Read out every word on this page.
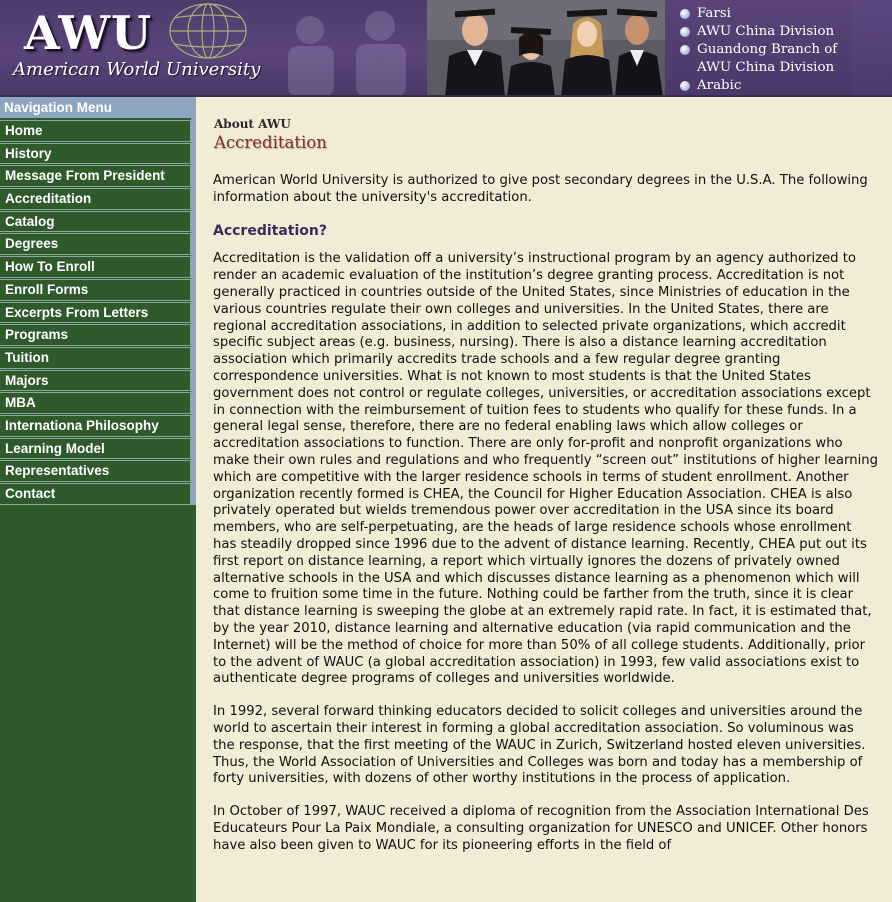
AWU
American World University
Farsi
AWU China Division
Guandong Branch of
AWU China Division
Arabic
Navigation Menu
Home
History
Message From President
Accreditation
Catalog
Degrees
How To Enroll
Enroll Forms
Excerpts From Letters
Programs
Tuition
Majors
MBA
Internationa Philosophy
Learning Model
Representatives
Contact
About AWU
Accreditation

American World University is authorized to give post secondary degrees in the U.S.A. The following information about the university's accreditation.

Accreditation?

Accreditation is the validation off a university’s instructional program by an agency authorized to render an academic evaluation of the institution’s degree granting process. Accreditation is not generally practiced in countries outside of the United States, since Ministries of education in the various countries regulate their own colleges and universities. In the United States, there are regional accreditation associations, in addition to selected private organizations, which accredit specific subject areas (e.g. business, nursing). There is also a distance learning accreditation association which primarily accredits trade schools and a few regular degree granting correspondence universities. What is not known to most students is that the United States government does not control or regulate colleges, universities, or accreditation associations except in connection with the reimbursement of tuition fees to students who qualify for these funds. In a general legal sense, therefore, there are no federal enabling laws which allow colleges or accreditation associations to function. There are only for-profit and nonprofit organizations who make their own rules and regulations and who frequently “screen out” institutions of higher learning which are competitive with the larger residence schools in terms of student enrollment. Another organization recently formed is CHEA, the Council for Higher Education Association. CHEA is also privately operated but wields tremendous power over accreditation in the USA since its board members, who are self-perpetuating, are the heads of large residence schools whose enrollment has steadily dropped since 1996 due to the advent of distance learning. Recently, CHEA put out its first report on distance learning, a report which virtually ignores the dozens of privately owned alternative schools in the USA and which discusses distance learning as a phenomenon which will come to fruition some time in the future. Nothing could be farther from the truth, since it is clear that distance learning is sweeping the globe at an extremely rapid rate. In fact, it is estimated that, by the year 2010, distance learning and alternative education (via rapid communication and the Internet) will be the method of choice for more than 50% of all college students. Additionally, prior to the advent of WAUC (a global accreditation association) in 1993, few valid associations exist to authenticate degree programs of colleges and universities worldwide.

In 1992, several forward thinking educators decided to solicit colleges and universities around the world to ascertain their interest in forming a global accreditation association. So voluminous was the response, that the first meeting of the WAUC in Zurich, Switzerland hosted eleven universities. Thus, the World Association of Universities and Colleges was born and today has a membership of forty universities, with dozens of other worthy institutions in the process of application.

In October of 1997, WAUC received a diploma of recognition from the Association International Des Educateurs Pour La Paix Mondiale, a consulting organization for UNESCO and UNICEF. Other honors have also been given to WAUC for its pioneering efforts in the field of
